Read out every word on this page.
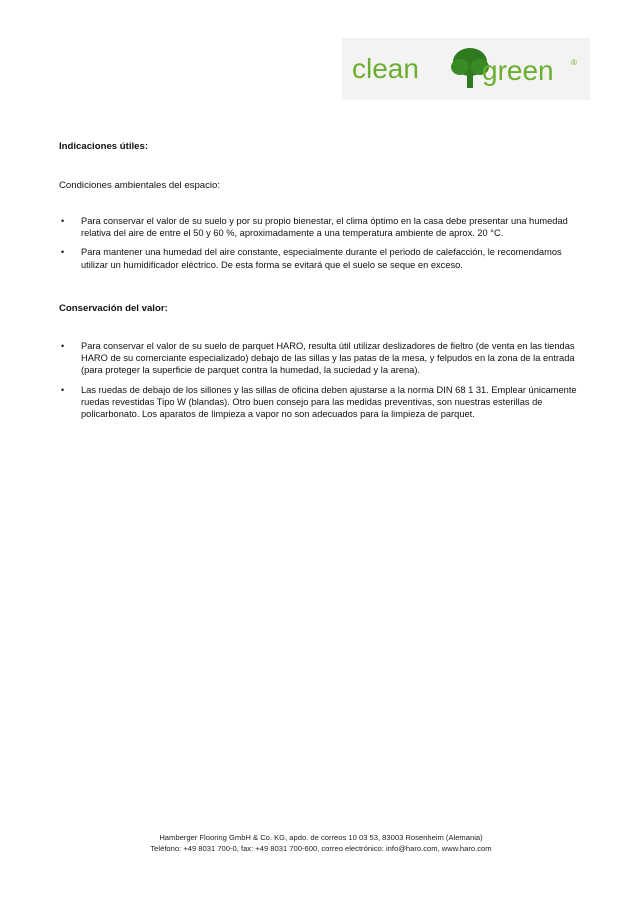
clean green ®
Indicaciones útiles:

Condiciones ambientales del espacio:

• Para conservar el valor de su suelo y por su propio bienestar, el clima óptimo en la casa debe presentar una humedad relativa del aire de entre el 50 y 60 %, aproximadamente a una temperatura ambiente de aprox. 20 °C.
• Para mantener una humedad del aire constante, especialmente durante el periodo de calefacción, le recomendamos utilizar un humidificador eléctrico. De esta forma se evitará que el suelo se seque en exceso.
Conservación del valor:
• Para conservar el valor de su suelo de parquet HARO, resulta útil utilizar deslizadores de fieltro (de venta en las tiendas HARO de su comerciante especializado) debajo de las sillas y las patas de la mesa, y felpudos en la zona de la entrada (para proteger la superficie de parquet contra la humedad, la suciedad y la arena).
• Las ruedas de debajo de los sillones y las sillas de oficina deben ajustarse a la norma DIN 68 1 31. Emplear únicamente ruedas revestidas Tipo W (blandas). Otro buen consejo para las medidas preventivas, son nuestras esterillas de policarbonato. Los aparatos de limpieza a vapor no son adecuados para la limpieza de parquet.
Hamberger Flooring GmbH & Co. KG, apdo. de correos 10 03 53, 83003 Rosenheim (Alemania)
Teléfono: +49 8031 700-0, fax: +49 8031 700-600, correo electrónico: info@haro.com, www.haro.com
